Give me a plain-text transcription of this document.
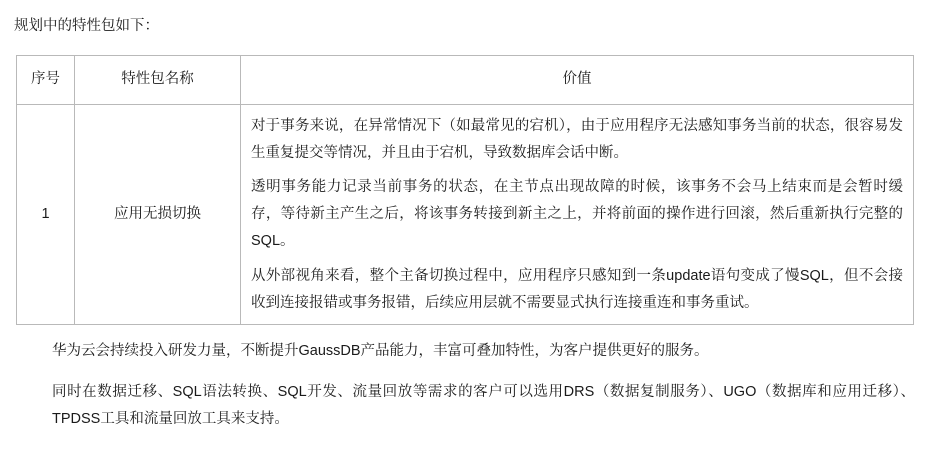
规划中的特性包如下：
序号	特性包名称	价值
1	应用无损切换	对于事务来说，在异常情况下（如最常见的宕机），由于应用程序无法感知事务当前的状态，很容易发生重复提交等情况，并且由于宕机，导致数据库会话中断。

透明事务能力记录当前事务的状态，在主节点出现故障的时候，该事务不会马上结束而是会暂时缓存，等待新主产生之后，将该事务转接到新主之上，并将前面的操作进行回滚，然后重新执行完整的SQL。

从外部视角来看，整个主备切换过程中，应用程序只感知到一条update语句变成了慢SQL，但不会接收到连接报错或事务报错，后续应用层就不需要显式执行连接重连和事务重试。

华为云会持续投入研发力量，不断提升GaussDB产品能力，丰富可叠加特性，为客户提供更好的服务。

同时在数据迁移、SQL语法转换、SQL开发、流量回放等需求的客户可以选用DRS（数据复制服务）、UGO（数据库和应用迁移）、TPDSS工具和流量回放工具来支持。
